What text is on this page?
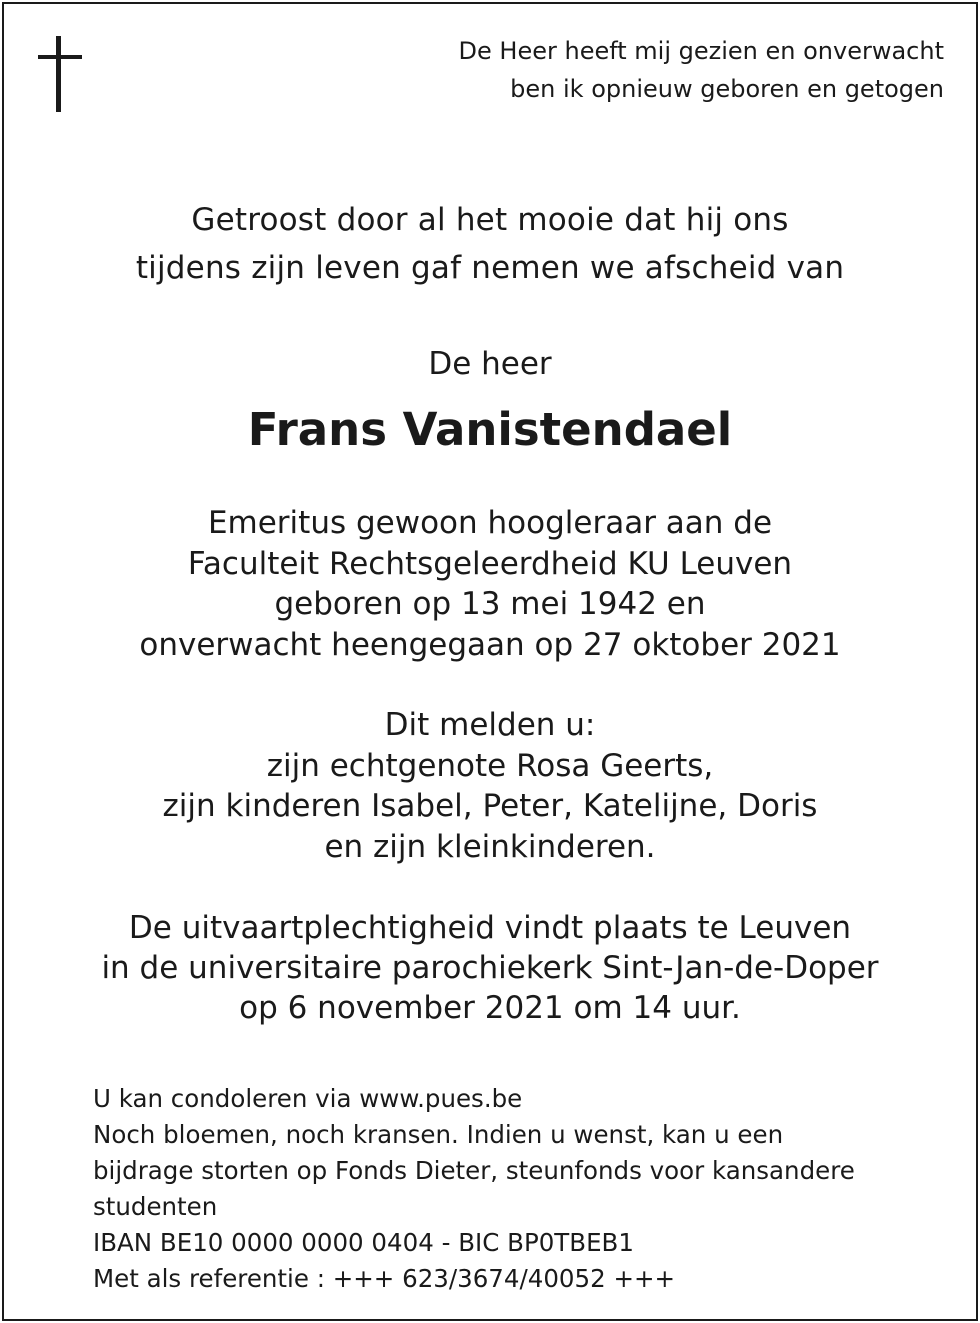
De Heer heeft mij gezien en onverwacht
ben ik opnieuw geboren en getogen
Getroost door al het mooie dat hij ons
tijdens zijn leven gaf nemen we afscheid van
De heer
Frans Vanistendael
Emeritus gewoon hoogleraar aan de
Faculteit Rechtsgeleerdheid KU Leuven
geboren op 13 mei 1942 en
onverwacht heengegaan op 27 oktober 2021
Dit melden u:
zijn echtgenote Rosa Geerts,
zijn kinderen Isabel, Peter, Katelijne, Doris
en zijn kleinkinderen.
De uitvaartplechtigheid vindt plaats te Leuven
in de universitaire parochiekerk Sint-Jan-de-Doper
op 6 november 2021 om 14 uur.
U kan condoleren via www.pues.be
Noch bloemen, noch kransen. Indien u wenst, kan u een
bijdrage storten op Fonds Dieter, steunfonds voor kansandere
studenten
IBAN BE10 0000 0000 0404 - BIC BP0TBEB1
Met als referentie : +++ 623/3674/40052 +++
